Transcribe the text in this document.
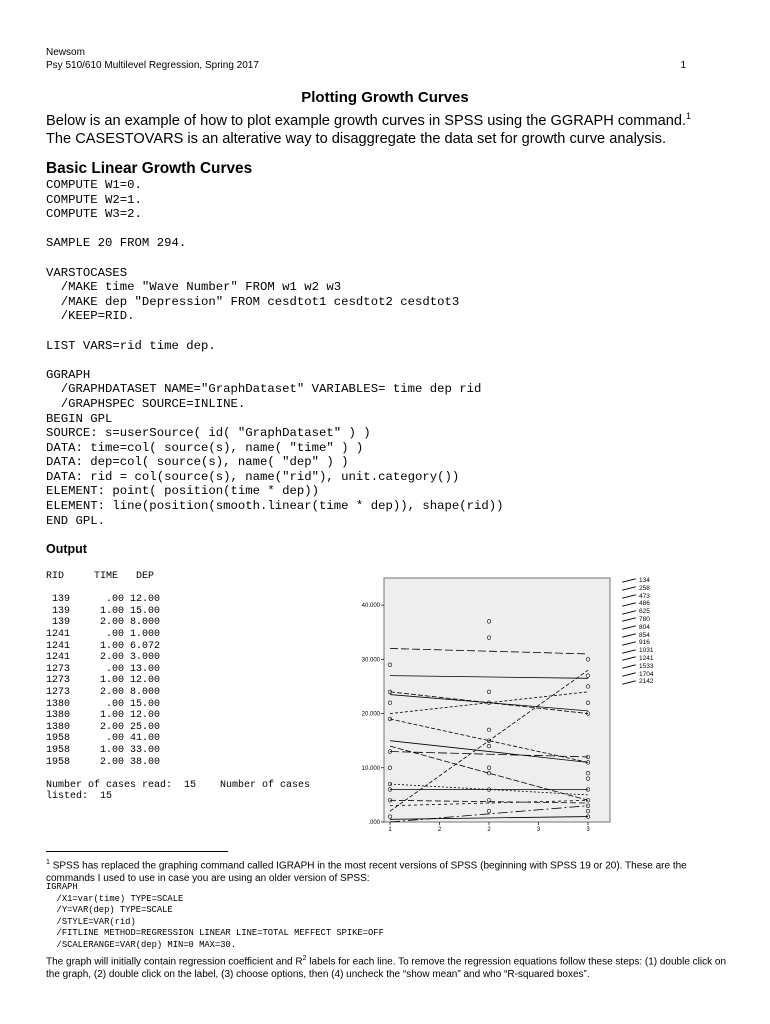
Newsom
Psy 510/610 Multilevel Regression, Spring 2017	1
Plotting Growth Curves
Below is an example of how to plot example growth curves in SPSS using the GGRAPH command.$^1$
The CASESTOVARS is an alterative way to disaggregate the data set for growth curve analysis.
Basic Linear Growth Curves
COMPUTE W1=0.
COMPUTE W2=1.
COMPUTE W3=2.

SAMPLE 20 FROM 294.

VARSTOCASES
/MAKE time "Wave Number" FROM w1 w2 w3
/MAKE dep "Depression" FROM cesdtot1 cesdtot2 cesdtot3
/KEEP=RID.

LIST VARS=rid time dep.

GGRAPH
/GRAPHDATASET NAME="GraphDataset" VARIABLES= time dep rid
/GRAPHSPEC SOURCE=INLINE.
BEGIN GPL
SOURCE: s=userSource( id( "GraphDataset" ) )
DATA: time=col( source(s), name( "time" ) )
DATA: dep=col( source(s), name( "dep" ) )
DATA: rid = col(source(s), name("rid"), unit.category())
ELEMENT: point( position(time * dep))
ELEMENT: line(position(smooth.linear(time * dep)), shape(rid))
END GPL.
Output
RID     TIME   DEP

139      .00 12.00
139     1.00 15.00
139     2.00 8.000
1241      .00 1.000
1241     1.00 6.072
1241     2.00 3.000
1273      .00 13.00
1273     1.00 12.00
1273     2.00 8.000
1380      .00 15.00
1380     1.00 12.00
1380     2.00 25.00
1958      .00 41.00
1958     1.00 33.00
1958     2.00 38.00

Number of cases read:  15    Number of cases
listed:  15
.000
10.000
20.000
30.000
40.000
1	2	2	3	3
134
258
473
486
625
780
804
854
916
1031
1241
1533
1704
2142
$^1$ SPSS has replaced the graphing command called IGRAPH in the most recent versions of SPSS (beginning with SPSS 19 or 20). These are the commands I used to use in case you are using an older version of SPSS:
IGRAPH
/X1=var(time) TYPE=SCALE
/Y=VAR(dep) TYPE=SCALE
/STYLE=VAR(rid)
/FITLINE METHOD=REGRESSION LINEAR LINE=TOTAL MEFFECT SPIKE=OFF
/SCALERANGE=VAR(dep) MIN=0 MAX=30.
The graph will initially contain regression coefficient and $R^2$ labels for each line. To remove the regression equations follow these steps: (1) double click on the graph, (2) double click on the label, (3) choose options, then (4) uncheck the “show mean” and who “R-squared boxes”.
